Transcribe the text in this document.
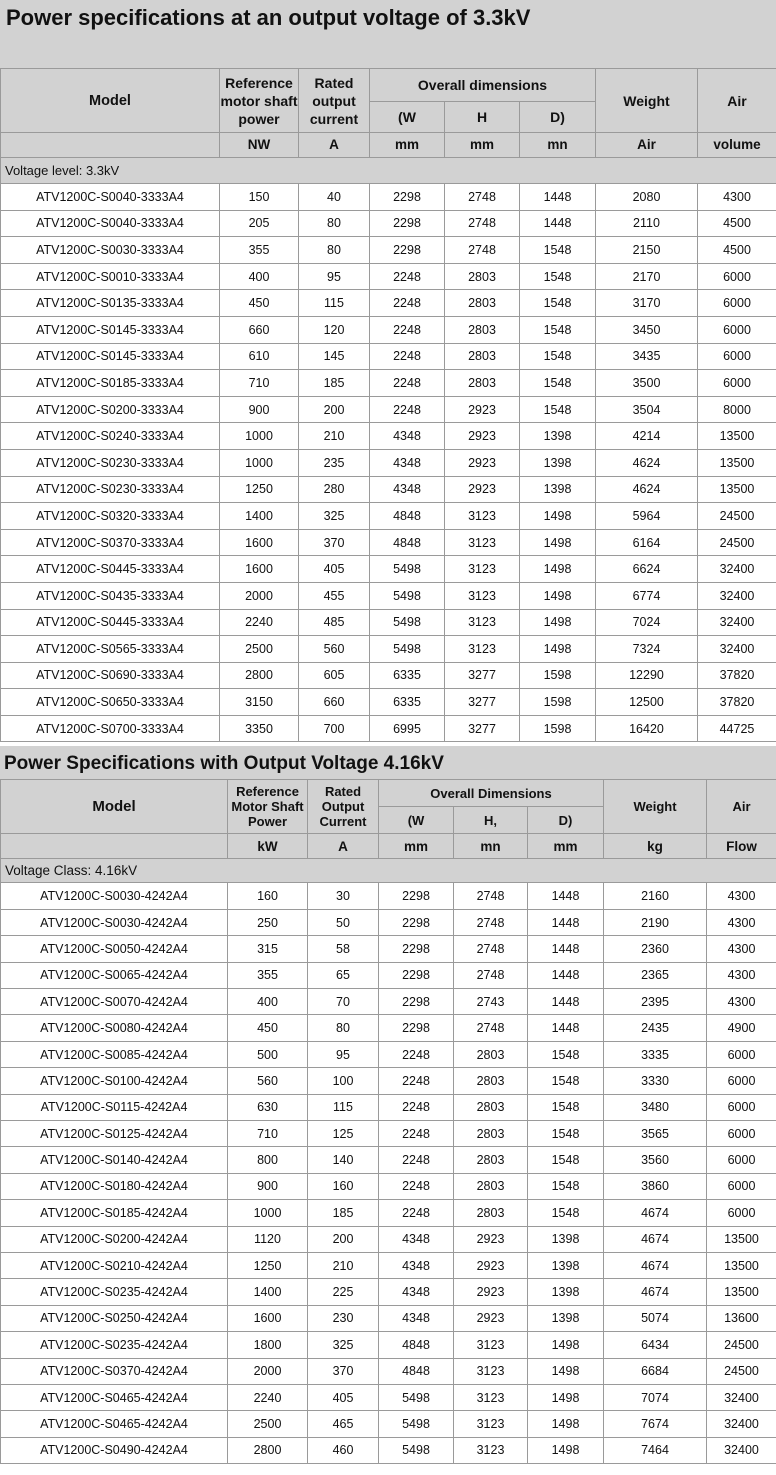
Power specifications at an output voltage of 3.3kV
Model	Reference motor shaft power	Rated output current	Overall dimensions			Weight	Air
			(W	H	D)		
	NW	A	mm	mm	mn	Air	volume
Voltage level: 3.3kV							
ATV1200C-S0040-3333A4	150	40	2298	2748	1448	2080	4300
ATV1200C-S0040-3333A4	205	80	2298	2748	1448	2110	4500
ATV1200C-S0030-3333A4	355	80	2298	2748	1548	2150	4500
ATV1200C-S0010-3333A4	400	95	2248	2803	1548	2170	6000
ATV1200C-S0135-3333A4	450	115	2248	2803	1548	3170	6000
ATV1200C-S0145-3333A4	660	120	2248	2803	1548	3450	6000
ATV1200C-S0145-3333A4	610	145	2248	2803	1548	3435	6000
ATV1200C-S0185-3333A4	710	185	2248	2803	1548	3500	6000
ATV1200C-S0200-3333A4	900	200	2248	2923	1548	3504	8000
ATV1200C-S0240-3333A4	1000	210	4348	2923	1398	4214	13500
ATV1200C-S0230-3333A4	1000	235	4348	2923	1398	4624	13500
ATV1200C-S0230-3333A4	1250	280	4348	2923	1398	4624	13500
ATV1200C-S0320-3333A4	1400	325	4848	3123	1498	5964	24500
ATV1200C-S0370-3333A4	1600	370	4848	3123	1498	6164	24500
ATV1200C-S0445-3333A4	1600	405	5498	3123	1498	6624	32400
ATV1200C-S0435-3333A4	2000	455	5498	3123	1498	6774	32400
ATV1200C-S0445-3333A4	2240	485	5498	3123	1498	7024	32400
ATV1200C-S0565-3333A4	2500	560	5498	3123	1498	7324	32400
ATV1200C-S0690-3333A4	2800	605	6335	3277	1598	12290	37820
ATV1200C-S0650-3333A4	3150	660	6335	3277	1598	12500	37820
ATV1200C-S0700-3333A4	3350	700	6995	3277	1598	16420	44725
Power Specifications with Output Voltage 4.16kV
Model	Reference Motor Shaft Power	Rated Output Current	Overall Dimensions			Weight	Air
			(W	H,	D)		
	kW	A	mm	mn	mm	kg	Flow
Voltage Class: 4.16kV							
ATV1200C-S0030-4242A4	160	30	2298	2748	1448	2160	4300
ATV1200C-S0030-4242A4	250	50	2298	2748	1448	2190	4300
ATV1200C-S0050-4242A4	315	58	2298	2748	1448	2360	4300
ATV1200C-S0065-4242A4	355	65	2298	2748	1448	2365	4300
ATV1200C-S0070-4242A4	400	70	2298	2743	1448	2395	4300
ATV1200C-S0080-4242A4	450	80	2298	2748	1448	2435	4900
ATV1200C-S0085-4242A4	500	95	2248	2803	1548	3335	6000
ATV1200C-S0100-4242A4	560	100	2248	2803	1548	3330	6000
ATV1200C-S0115-4242A4	630	115	2248	2803	1548	3480	6000
ATV1200C-S0125-4242A4	710	125	2248	2803	1548	3565	6000
ATV1200C-S0140-4242A4	800	140	2248	2803	1548	3560	6000
ATV1200C-S0180-4242A4	900	160	2248	2803	1548	3860	6000
ATV1200C-S0185-4242A4	1000	185	2248	2803	1548	4674	6000
ATV1200C-S0200-4242A4	1120	200	4348	2923	1398	4674	13500
ATV1200C-S0210-4242A4	1250	210	4348	2923	1398	4674	13500
ATV1200C-S0235-4242A4	1400	225	4348	2923	1398	4674	13500
ATV1200C-S0250-4242A4	1600	230	4348	2923	1398	5074	13600
ATV1200C-S0235-4242A4	1800	325	4848	3123	1498	6434	24500
ATV1200C-S0370-4242A4	2000	370	4848	3123	1498	6684	24500
ATV1200C-S0465-4242A4	2240	405	5498	3123	1498	7074	32400
ATV1200C-S0465-4242A4	2500	465	5498	3123	1498	7674	32400
ATV1200C-S0490-4242A4	2800	460	5498	3123	1498	7464	32400
